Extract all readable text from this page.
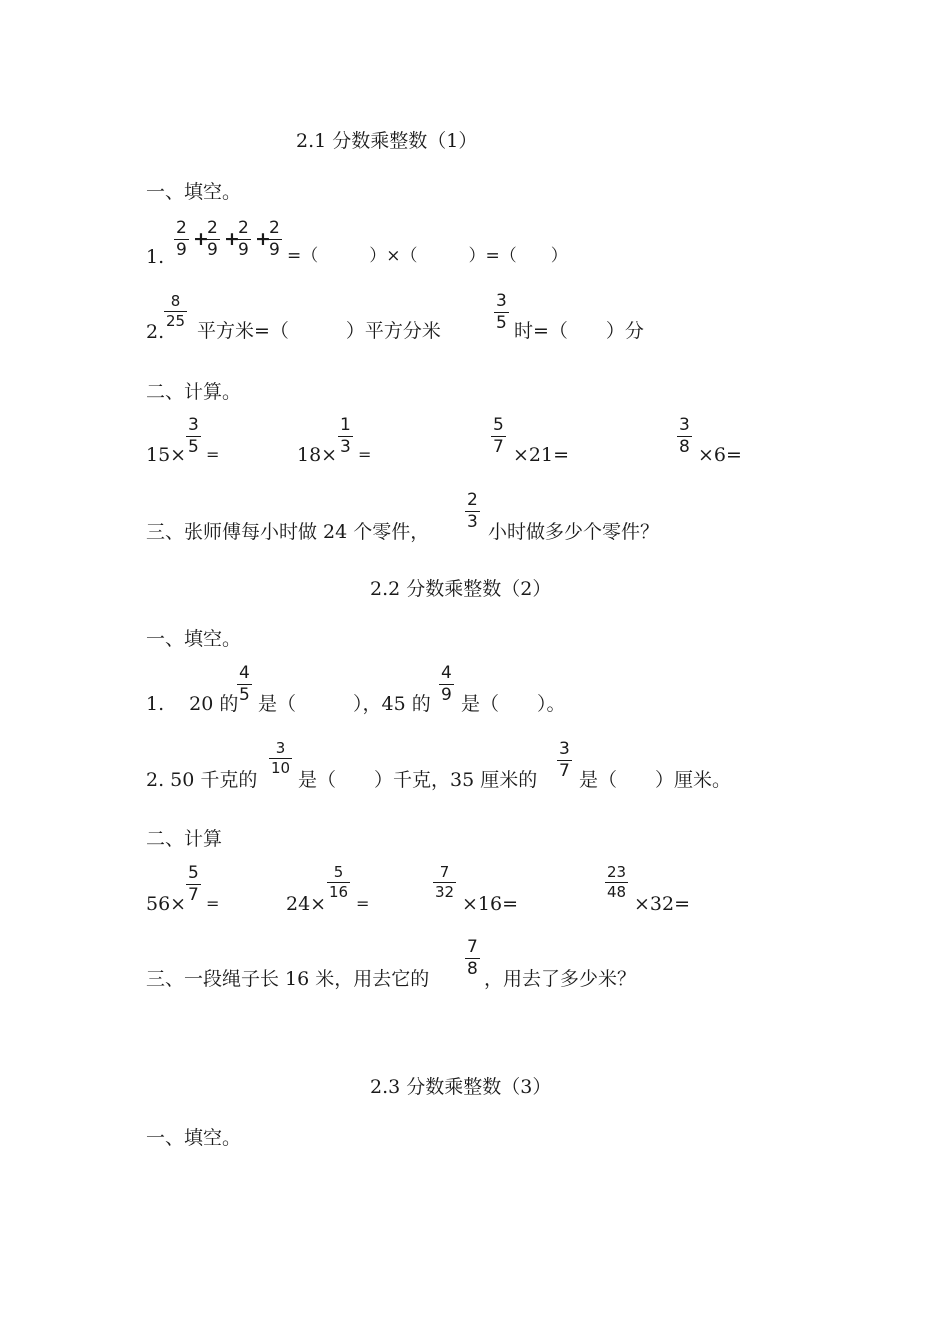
2.1 分数乘整数（1）
一、填空。
1. $\frac{2}{9}$ +
$\frac{2}{9}$ +
$\frac{2}{9}$ +
$\frac{2}{9}$ =（　　　）×（　　　）=（　　）
2.
$\frac{8}{25}$
平方米=（　　　）平方分米	$\frac{3}{5}$ 时=（　　）分
二、计算。
$15\times \frac{3}{5}$ =	$18\times \frac{1}{3}$ =	$\frac{5}{7} \times 21=$	$\frac{3}{8} \times 6=$
三、张师傅每小时做 24 个零件， $\frac{2}{3}$ 小时做多少个零件？
2.2 分数乘整数（2）
一、填空。
1.　 20 的
$\frac{4}{5}$ 是（　　　），45 的 $\frac{4}{9}$ 是（　　）。
2. 50 千克的
$\frac{3}{10}$
是（　　）千克，35 厘米的 $\frac{3}{7}$ 是（　　）厘米。
二、计算
$56\times \frac{5}{7}$ =	24×
$\frac{5}{16}$
=
$\frac{7}{32}$
×16=
$\frac{23}{48}$
×32=
三、一段绳子长 16 米，用去它的 $\frac{7}{8}$ ，用去了多少米？
2.3 分数乘整数（3）
一、填空。
